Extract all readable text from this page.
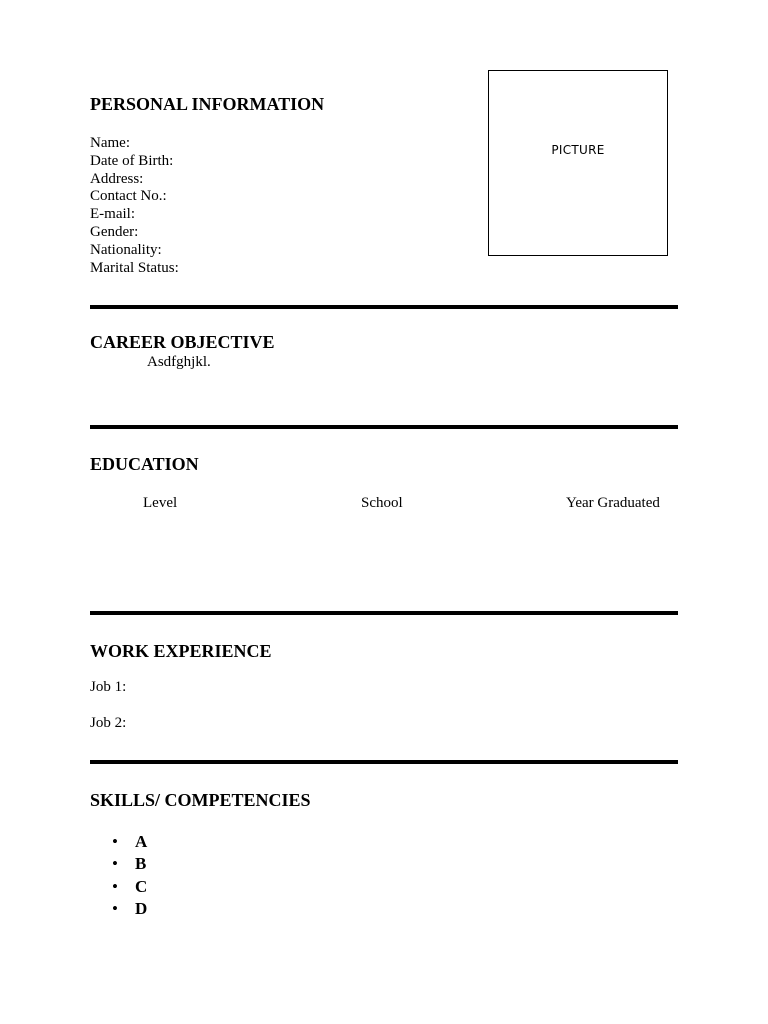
PERSONAL INFORMATION
Name:
Date of Birth:
Address:
Contact No.:
E-mail:
Gender:
Nationality:
Marital Status:
PICTURE
CAREER OBJECTIVE
Asdfghjkl.
EDUCATION
Level	School	Year Graduated
WORK EXPERIENCE
Job 1:
Job 2:
SKILLS/ COMPETENCIES
• A
• B
• C
• D
